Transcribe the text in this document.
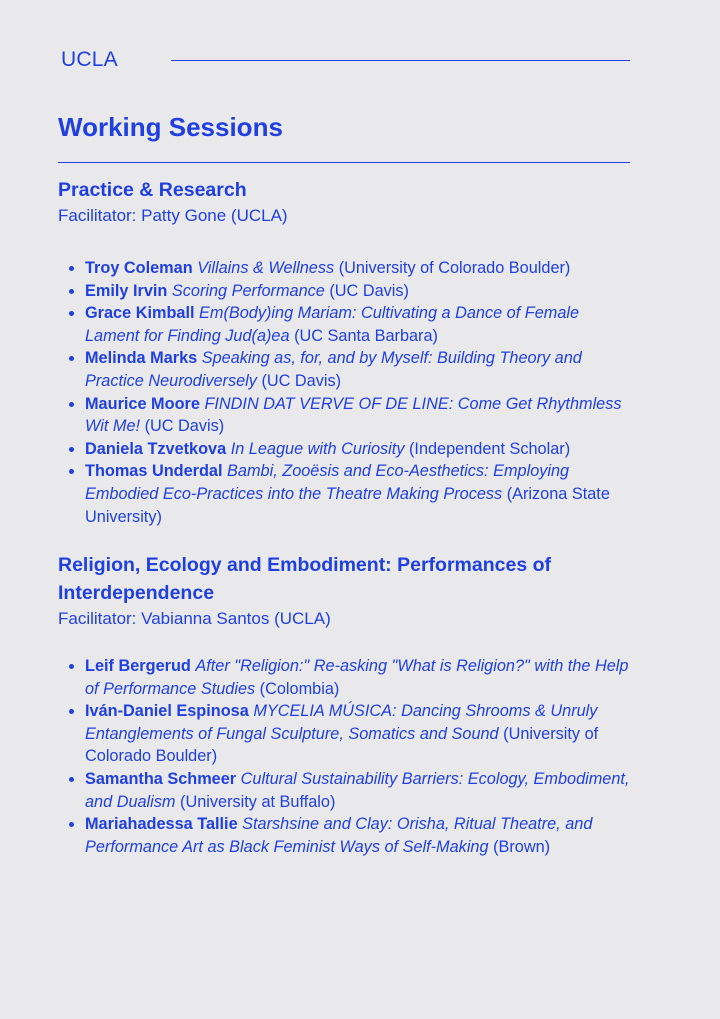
UCLA
Working Sessions
Practice & Research

Facilitator: Patty Gone (UCLA)

Troy Coleman Villains & Wellness (University of Colorado Boulder)
Emily Irvin Scoring Performance (UC Davis)
Grace Kimball Em(Body)ing Mariam: Cultivating a Dance of Female Lament for Finding Jud(a)ea (UC Santa Barbara)
Melinda Marks Speaking as, for, and by Myself: Building Theory and Practice Neurodiversely (UC Davis)
Maurice Moore FINDIN DAT VERVE OF DE LINE: Come Get Rhythmless Wit Me! (UC Davis)
Daniela Tzvetkova In League with Curiosity (Independent Scholar)
Thomas Underdal Bambi, Zooësis and Eco-Aesthetics: Employing Embodied Eco-Practices into the Theatre Making Process (Arizona State University)
Religion, Ecology and Embodiment: Performances of Interdependence

Facilitator: Vabianna Santos (UCLA)

Leif Bergerud After "Religion:" Re-asking "What is Religion?" with the Help of Performance Studies (Colombia)
Iván-Daniel Espinosa MYCELIA MÚSICA: Dancing Shrooms & Unruly Entanglements of Fungal Sculpture, Somatics and Sound (University of Colorado Boulder)
Samantha Schmeer Cultural Sustainability Barriers: Ecology, Embodiment, and Dualism (University at Buffalo)
Mariahadessa Tallie Starshsine and Clay: Orisha, Ritual Theatre, and Performance Art as Black Feminist Ways of Self-Making (Brown)
